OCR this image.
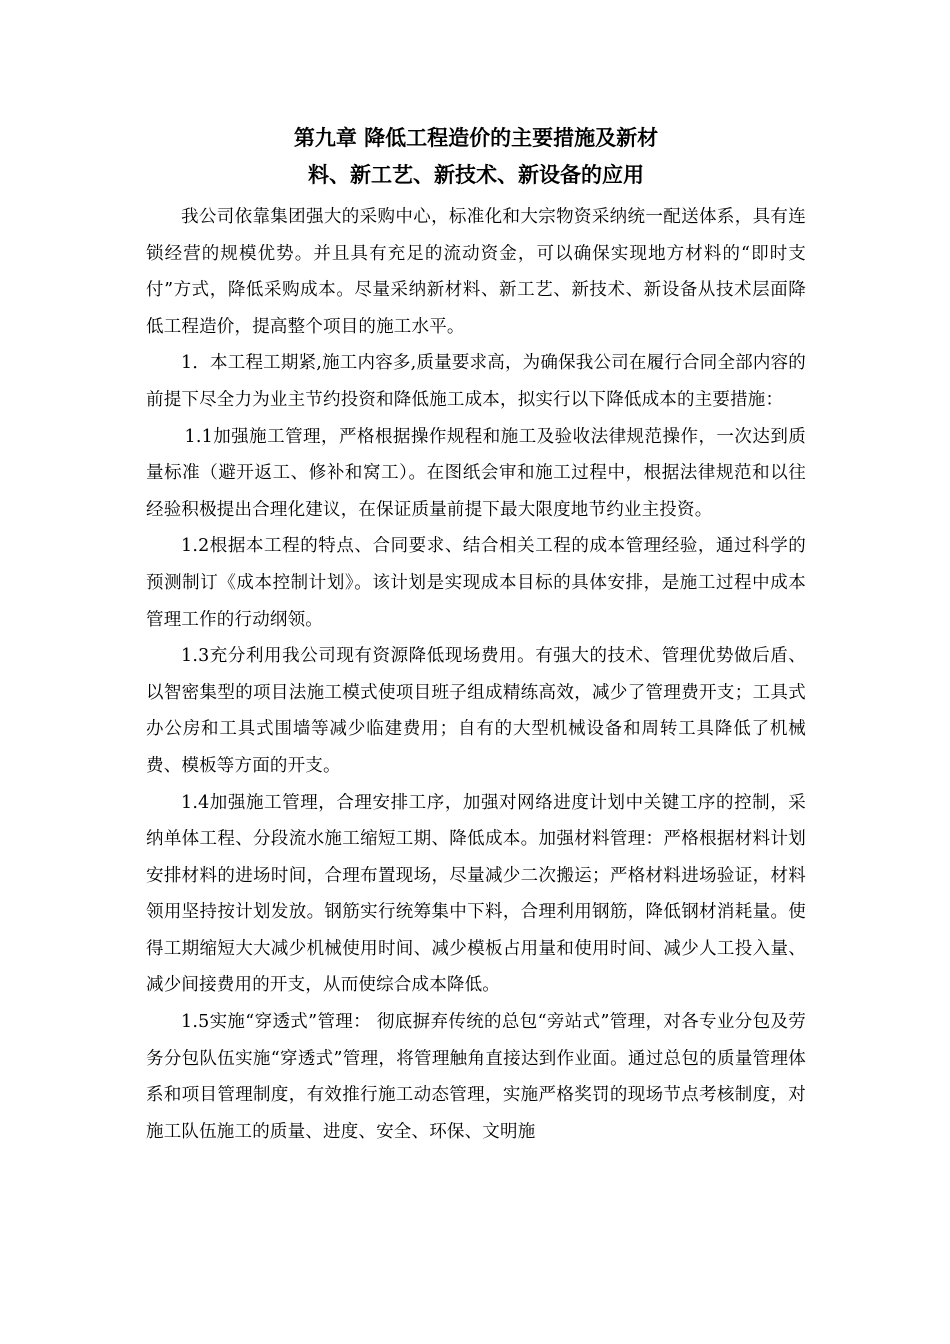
第九章 降低工程造价的主要措施及新材
料、新工艺、新技术、新设备的应用

我公司依靠集团强大的采购中心，标准化和大宗物资采纳统一配送体系，具有连锁经营的规模优势。并且具有充足的流动资金，可以确保实现地方材料的“即时支付”方式，降低采购成本。尽量采纳新材料、新工艺、新技术、新设备从技术层面降低工程造价，提高整个项目的施工水平。

1．本工程工期紧,施工内容多,质量要求高，为确保我公司在履行合同全部内容的前提下尽全力为业主节约投资和降低施工成本，拟实行以下降低成本的主要措施：

1.1加强施工管理，严格根据操作规程和施工及验收法律规范操作，一次达到质量标准（避开返工、修补和窝工）。在图纸会审和施工过程中，根据法律规范和以往经验积极提出合理化建议，在保证质量前提下最大限度地节约业主投资。

1.2根据本工程的特点、合同要求、结合相关工程的成本管理经验，通过科学的预测制订《成本控制计划》。该计划是实现成本目标的具体安排，是施工过程中成本管理工作的行动纲领。

1.3充分利用我公司现有资源降低现场费用。有强大的技术、管理优势做后盾、以智密集型的项目法施工模式使项目班子组成精练高效，减少了管理费开支；工具式办公房和工具式围墙等减少临建费用；自有的大型机械设备和周转工具降低了机械费、模板等方面的开支。

1.4加强施工管理，合理安排工序，加强对网络进度计划中关键工序的控制，采纳单体工程、分段流水施工缩短工期、降低成本。加强材料管理：严格根据材料计划安排材料的进场时间，合理布置现场，尽量减少二次搬运；严格材料进场验证，材料领用坚持按计划发放。钢筋实行统筹集中下料，合理利用钢筋，降低钢材消耗量。使得工期缩短大大减少机械使用时间、减少模板占用量和使用时间、减少人工投入量、减少间接费用的开支，从而使综合成本降低。

1.5实施“穿透式”管理： 彻底摒弃传统的总包“旁站式”管理，对各专业分包及劳务分包队伍实施“穿透式”管理，将管理触角直接达到作业面。通过总包的质量管理体系和项目管理制度，有效推行施工动态管理，实施严格奖罚的现场节点考核制度，对施工队伍施工的质量、进度、安全、环保、文明施
